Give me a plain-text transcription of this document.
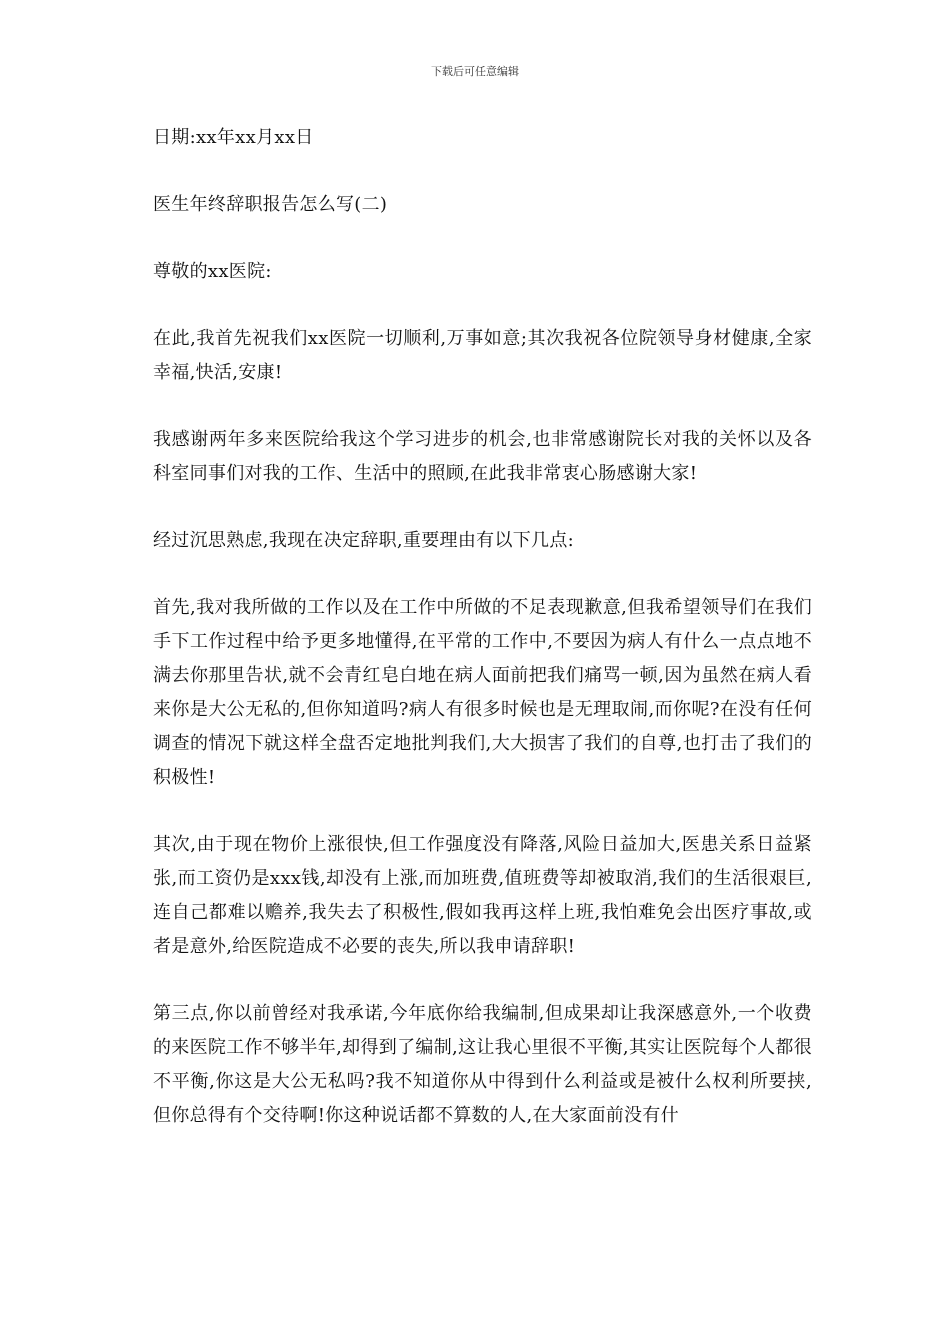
下载后可任意编辑

日期:xx年xx月xx日

医生年终辞职报告怎么写(二)

尊敬的xx医院:

在此,我首先祝我们xx医院一切顺利,万事如意;其次我祝各位院领导身材健康,全家幸福,快活,安康!

我感谢两年多来医院给我这个学习进步的机会,也非常感谢院长对我的关怀以及各科室同事们对我的工作、生活中的照顾,在此我非常衷心肠感谢大家!

经过沉思熟虑,我现在决定辞职,重要理由有以下几点:

首先,我对我所做的工作以及在工作中所做的不足表现歉意,但我希望领导们在我们手下工作过程中给予更多地懂得,在平常的工作中,不要因为病人有什么一点点地不满去你那里告状,就不会青红皂白地在病人面前把我们痛骂一顿,因为虽然在病人看来你是大公无私的,但你知道吗?病人有很多时候也是无理取闹,而你呢?在没有任何调查的情况下就这样全盘否定地批判我们,大大损害了我们的自尊,也打击了我们的积极性!

其次,由于现在物价上涨很快,但工作强度没有降落,风险日益加大,医患关系日益紧张,而工资仍是xxx钱,却没有上涨,而加班费,值班费等却被取消,我们的生活很艰巨,连自己都难以赡养,我失去了积极性,假如我再这样上班,我怕难免会出医疗事故,或者是意外,给医院造成不必要的丧失,所以我申请辞职!

第三点,你以前曾经对我承诺,今年底你给我编制,但成果却让我深感意外,一个收费的来医院工作不够半年,却得到了编制,这让我心里很不平衡,其实让医院每个人都很不平衡,你这是大公无私吗?我不知道你从中得到什么利益或是被什么权利所要挟,但你总得有个交待啊!你这种说话都不算数的人,在大家面前没有什
